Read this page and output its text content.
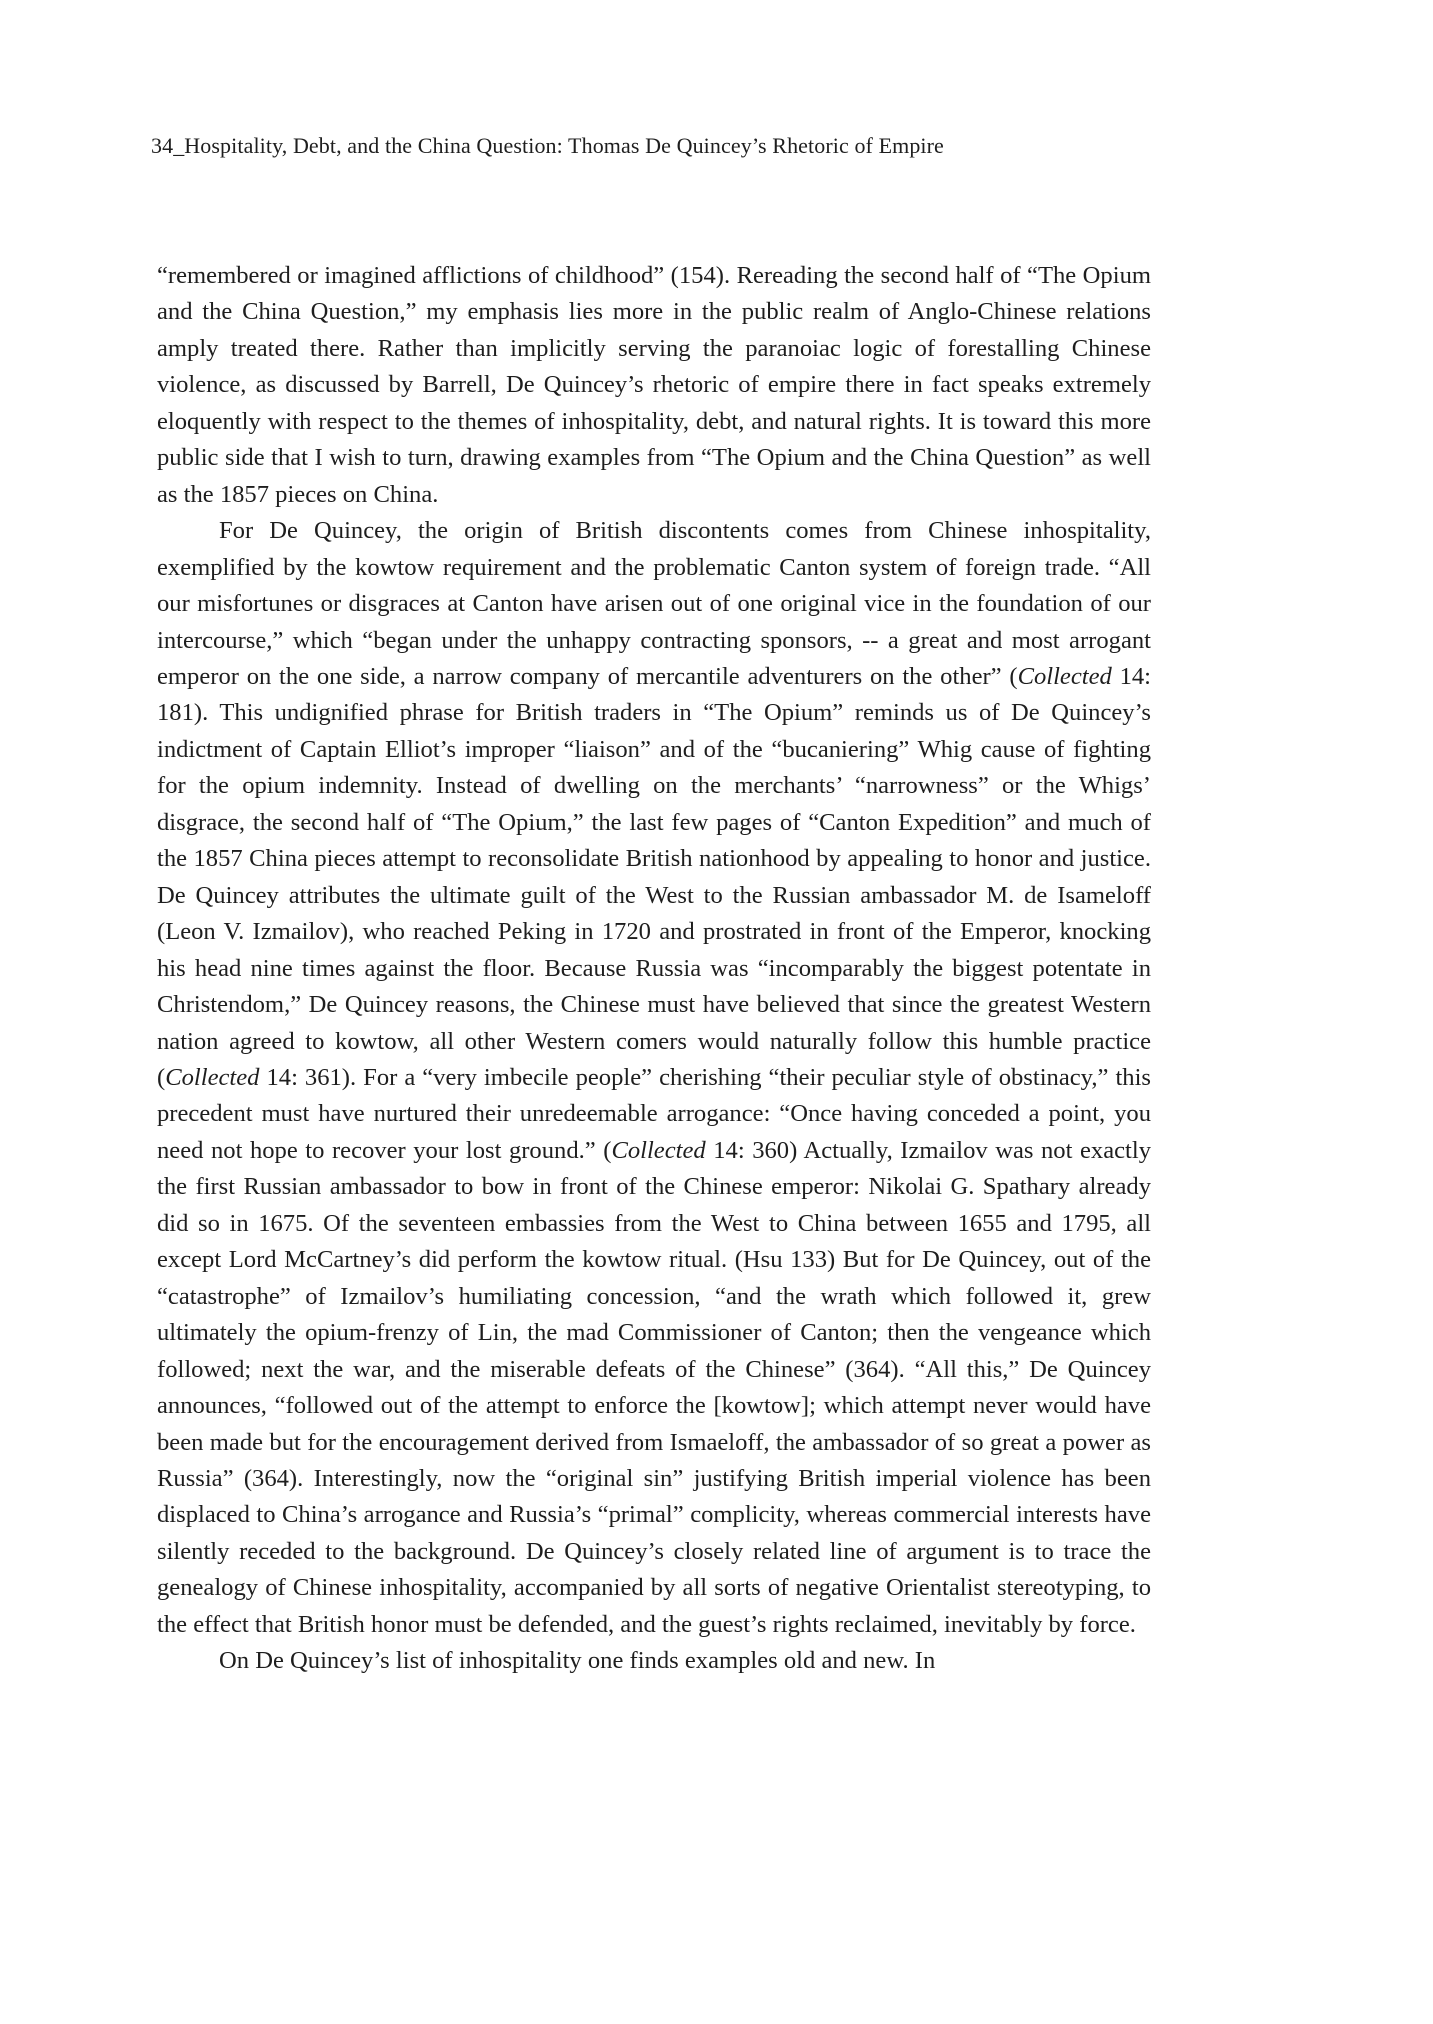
34_Hospitality, Debt, and the China Question: Thomas De Quincey’s Rhetoric of Empire

“remembered or imagined afflictions of childhood” (154). Rereading the second half of “The Opium and the China Question,” my emphasis lies more in the public realm of Anglo-Chinese relations amply treated there. Rather than implicitly serving the paranoiac logic of forestalling Chinese violence, as discussed by Barrell, De Quincey’s rhetoric of empire there in fact speaks extremely eloquently with respect to the themes of inhospitality, debt, and natural rights. It is toward this more public side that I wish to turn, drawing examples from “The Opium and the China Question” as well as the 1857 pieces on China.

For De Quincey, the origin of British discontents comes from Chinese inhospitality, exemplified by the kowtow requirement and the problematic Canton system of foreign trade. “All our misfortunes or disgraces at Canton have arisen out of one original vice in the foundation of our intercourse,” which “began under the unhappy contracting sponsors, -- a great and most arrogant emperor on the one side, a narrow company of mercantile adventurers on the other” (Collected 14: 181). This undignified phrase for British traders in “The Opium” reminds us of De Quincey’s indictment of Captain Elliot’s improper “liaison” and of the “bucaniering” Whig cause of fighting for the opium indemnity. Instead of dwelling on the merchants’ “narrowness” or the Whigs’ disgrace, the second half of “The Opium,” the last few pages of “Canton Expedition” and much of the 1857 China pieces attempt to reconsolidate British nationhood by appealing to honor and justice. De Quincey attributes the ultimate guilt of the West to the Russian ambassador M. de Isameloff (Leon V. Izmailov), who reached Peking in 1720 and prostrated in front of the Emperor, knocking his head nine times against the floor. Because Russia was “incomparably the biggest potentate in Christendom,” De Quincey reasons, the Chinese must have believed that since the greatest Western nation agreed to kowtow, all other Western comers would naturally follow this humble practice (Collected 14: 361). For a “very imbecile people” cherishing “their peculiar style of obstinacy,” this precedent must have nurtured their unredeemable arrogance: “Once having conceded a point, you need not hope to recover your lost ground.” (Collected 14: 360) Actually, Izmailov was not exactly the first Russian ambassador to bow in front of the Chinese emperor: Nikolai G. Spathary already did so in 1675. Of the seventeen embassies from the West to China between 1655 and 1795, all except Lord McCartney’s did perform the kowtow ritual. (Hsu 133) But for De Quincey, out of the “catastrophe” of Izmailov’s humiliating concession, “and the wrath which followed it, grew ultimately the opium-frenzy of Lin, the mad Commissioner of Canton; then the vengeance which followed; next the war, and the miserable defeats of the Chinese” (364). “All this,” De Quincey announces, “followed out of the attempt to enforce the [kowtow]; which attempt never would have been made but for the encouragement derived from Ismaeloff, the ambassador of so great a power as Russia” (364). Interestingly, now the “original sin” justifying British imperial violence has been displaced to China’s arrogance and Russia’s “primal” complicity, whereas commercial interests have silently receded to the background. De Quincey’s closely related line of argument is to trace the genealogy of Chinese inhospitality, accompanied by all sorts of negative Orientalist stereotyping, to the effect that British honor must be defended, and the guest’s rights reclaimed, inevitably by force.

On De Quincey’s list of inhospitality one finds examples old and new. In
